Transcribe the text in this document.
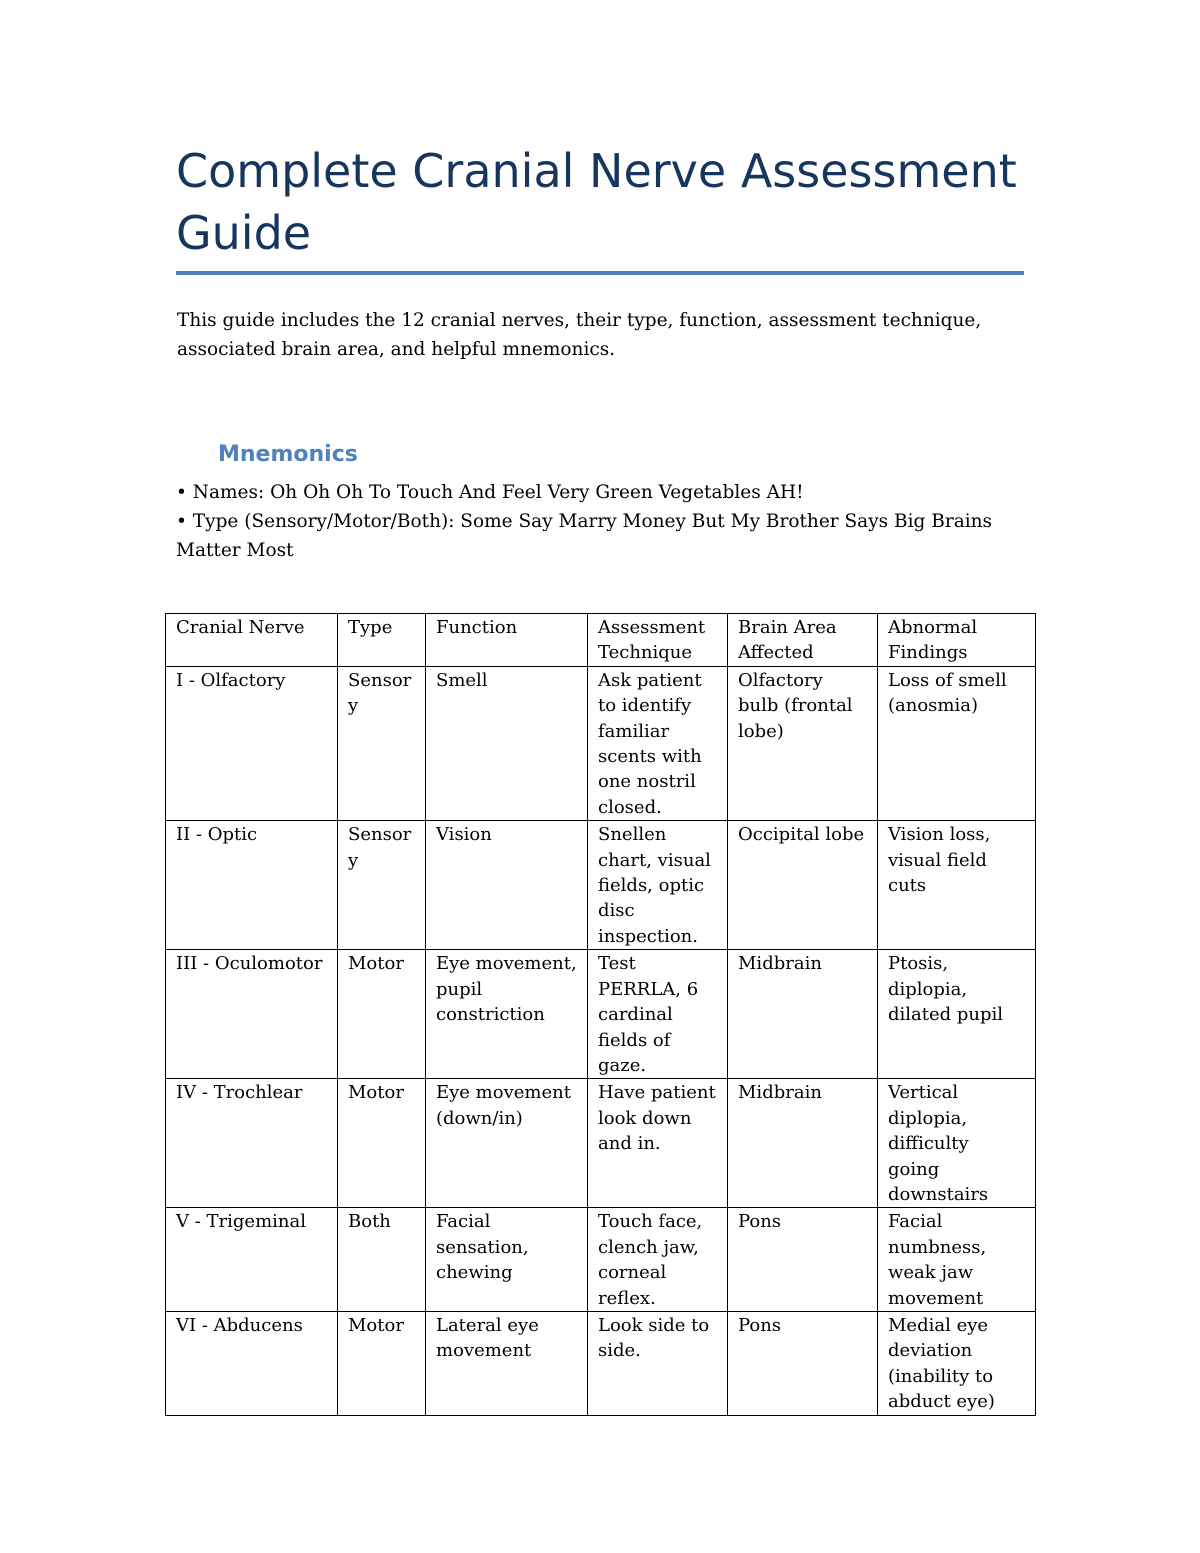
Complete Cranial Nerve Assessment Guide

This guide includes the 12 cranial nerves, their type, function, assessment technique, associated brain area, and helpful mnemonics.

Mnemonics
• Names: Oh Oh Oh To Touch And Feel Very Green Vegetables AH!
• Type (Sensory/Motor/Both): Some Say Marry Money But My Brother Says Big Brains Matter Most
Cranial Nerve	Type	Function	Assessment Technique	Brain Area Affected	Abnormal Findings
I - Olfactory	Sensory	Smell	Ask patient to identify familiar scents with one nostril closed.	Olfactory bulb (frontal lobe)	Loss of smell (anosmia)
II - Optic	Sensory	Vision	Snellen chart, visual fields, optic disc inspection.	Occipital lobe	Vision loss, visual field cuts
III - Oculomotor	Motor	Eye movement, pupil constriction	Test PERRLA, 6 cardinal fields of gaze.	Midbrain	Ptosis, diplopia, dilated pupil
IV - Trochlear	Motor	Eye movement (down/in)	Have patient look down and in.	Midbrain	Vertical diplopia, difficulty going downstairs
V - Trigeminal	Both	Facial sensation, chewing	Touch face, clench jaw, corneal reflex.	Pons	Facial numbness, weak jaw movement
VI - Abducens	Motor	Lateral eye movement	Look side to side.	Pons	Medial eye deviation (inability to abduct eye)
